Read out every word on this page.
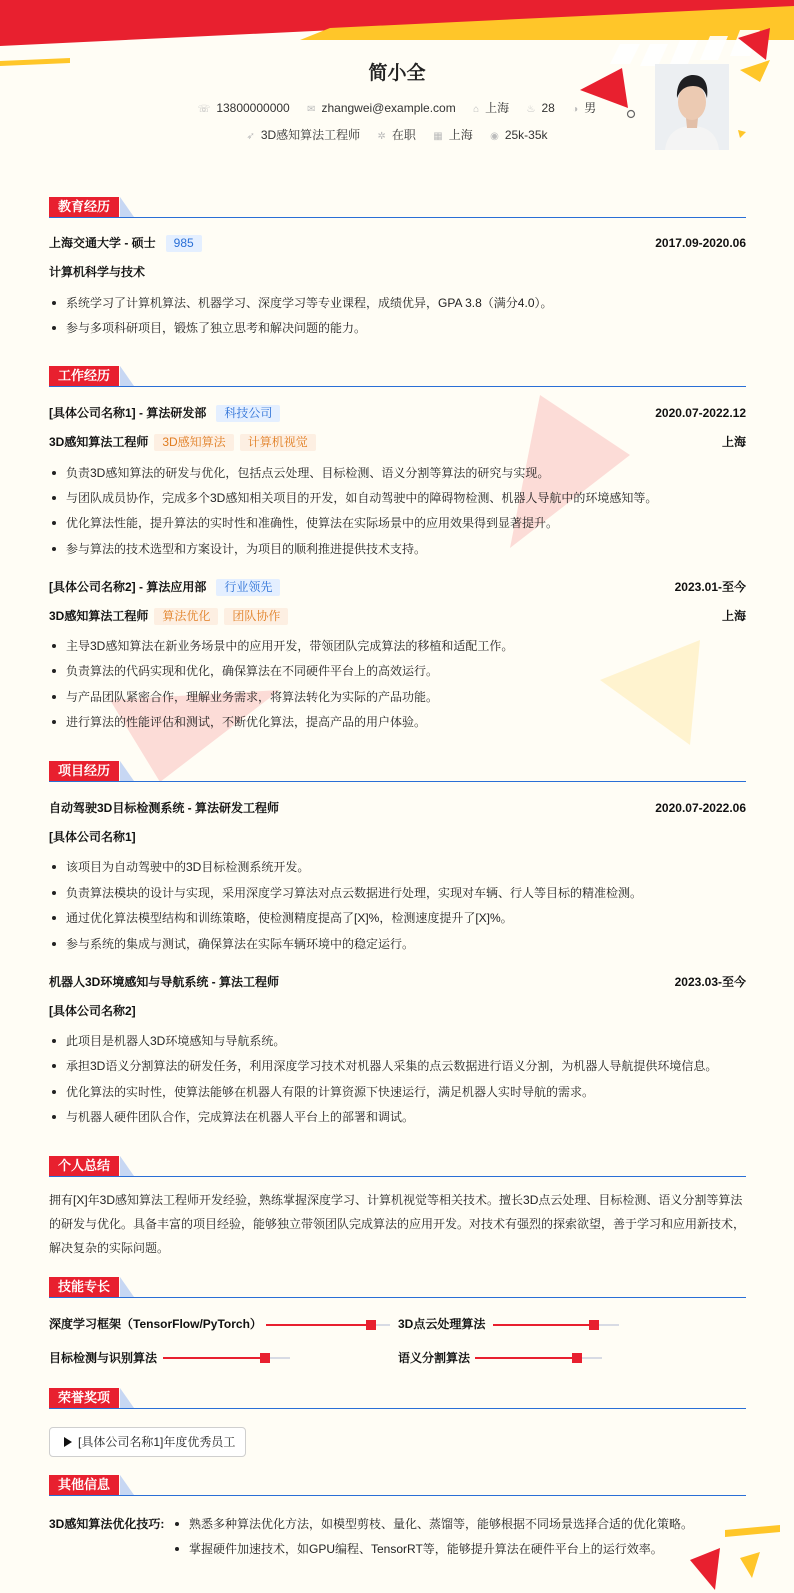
简小全
☏ 13800000000 ✉ zhangwei@example.com ⌂ 上海 ♨ 28 ◑ 男
➶ 3D感知算法工程师 ✲ 在职 ▦ 上海 ◉ 25k-35k
教育经历
上海交通大学 - 硕士 985	2017.09-2020.06
计算机科学与技术
系统学习了计算机算法、机器学习、深度学习等专业课程，成绩优异，GPA 3.8（满分4.0）。
参与多项科研项目，锻炼了独立思考和解决问题的能力。
工作经历
[具体公司名称1] - 算法研发部 科技公司	2020.07-2022.12
3D感知算法工程师 3D感知算法 计算机视觉	上海
负责3D感知算法的研发与优化，包括点云处理、目标检测、语义分割等算法的研究与实现。
与团队成员协作，完成多个3D感知相关项目的开发，如自动驾驶中的障碍物检测、机器人导航中的环境感知等。
优化算法性能，提升算法的实时性和准确性，使算法在实际场景中的应用效果得到显著提升。
参与算法的技术选型和方案设计，为项目的顺利推进提供技术支持。
[具体公司名称2] - 算法应用部 行业领先	2023.01-至今
3D感知算法工程师 算法优化 团队协作	上海
主导3D感知算法在新业务场景中的应用开发，带领团队完成算法的移植和适配工作。
负责算法的代码实现和优化，确保算法在不同硬件平台上的高效运行。
与产品团队紧密合作，理解业务需求，将算法转化为实际的产品功能。
进行算法的性能评估和测试，不断优化算法，提高产品的用户体验。
项目经历
自动驾驶3D目标检测系统 - 算法研发工程师	2020.07-2022.06
[具体公司名称1]
该项目为自动驾驶中的3D目标检测系统开发。
负责算法模块的设计与实现，采用深度学习算法对点云数据进行处理，实现对车辆、行人等目标的精准检测。
通过优化算法模型结构和训练策略，使检测精度提高了[X]%，检测速度提升了[X]%。
参与系统的集成与测试，确保算法在实际车辆环境中的稳定运行。
机器人3D环境感知与导航系统 - 算法工程师	2023.03-至今
[具体公司名称2]
此项目是机器人3D环境感知与导航系统。
承担3D语义分割算法的研发任务，利用深度学习技术对机器人采集的点云数据进行语义分割，为机器人导航提供环境信息。
优化算法的实时性，使算法能够在机器人有限的计算资源下快速运行，满足机器人实时导航的需求。
与机器人硬件团队合作，完成算法在机器人平台上的部署和调试。
个人总结
拥有[X]年3D感知算法工程师开发经验，熟练掌握深度学习、计算机视觉等相关技术。擅长3D点云处理、目标检测、语义分割等算法的研发与优化。具备丰富的项目经验，能够独立带领团队完成算法的应用开发。对技术有强烈的探索欲望，善于学习和应用新技术，解决复杂的实际问题。
技能专长
深度学习框架（TensorFlow/PyTorch）	3D点云处理算法
目标检测与识别算法	语义分割算法
荣誉奖项
[具体公司名称1]年度优秀员工
其他信息
3D感知算法优化技巧: 熟悉多种算法优化方法，如模型剪枝、量化、蒸馏等，能够根据不同场景选择合适的优化策略。
掌握硬件加速技术，如GPU编程、TensorRT等，能够提升算法在硬件平台上的运行效率。
